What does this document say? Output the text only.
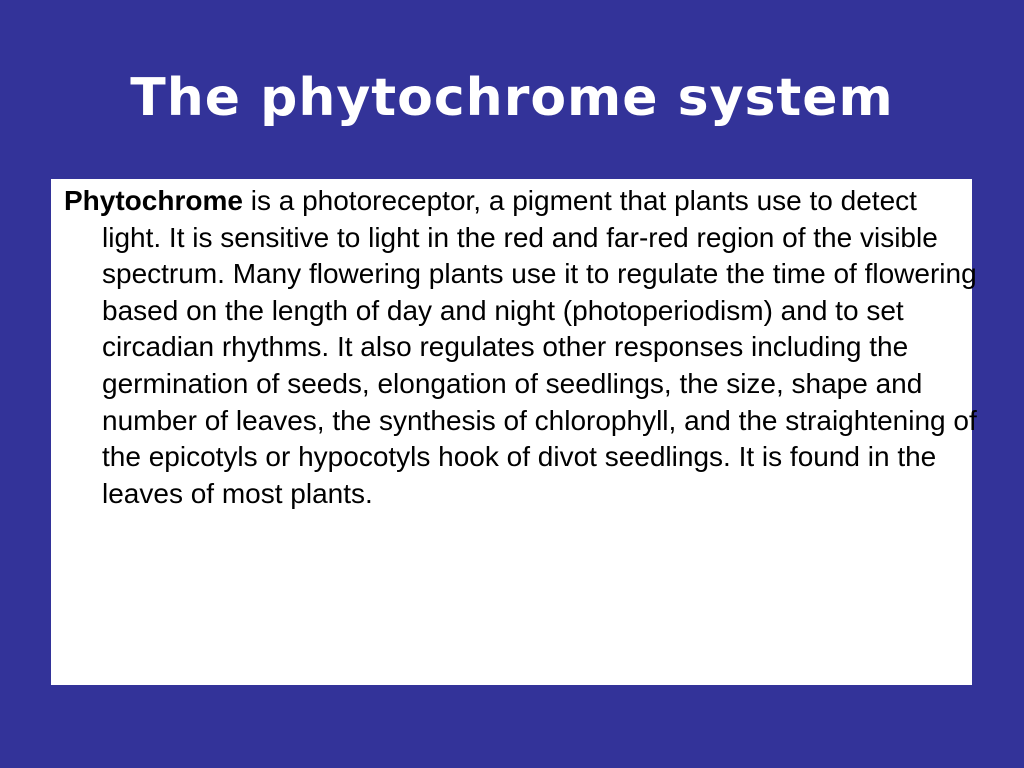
The phytochrome system

Phytochrome is a photoreceptor, a pigment that plants use to detect light. It is sensitive to light in the red and far-red region of the visible spectrum. Many flowering plants use it to regulate the time of flowering based on the length of day and night (photoperiodism) and to set circadian rhythms. It also regulates other responses including the germination of seeds, elongation of seedlings, the size, shape and number of leaves, the synthesis of chlorophyll, and the straightening of the epicotyls or hypocotyls hook of divot seedlings. It is found in the leaves of most plants.
